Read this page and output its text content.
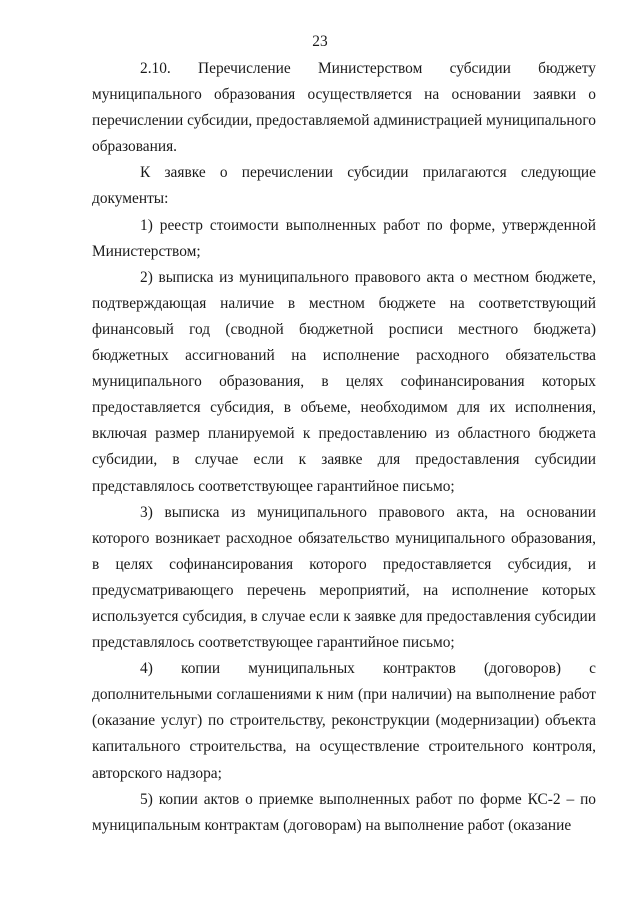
23

2.10. Перечисление Министерством субсидии бюджету муниципального образования осуществляется на основании заявки о перечислении субсидии, предоставляемой администрацией муниципального образования.

К заявке о перечислении субсидии прилагаются следующие документы:

1) реестр стоимости выполненных работ по форме, утвержденной Министерством;

2) выписка из муниципального правового акта о местном бюджете, подтверждающая наличие в местном бюджете на соответствующий финансовый год (сводной бюджетной росписи местного бюджета) бюджетных ассигнований на исполнение расходного обязательства муниципального образования, в целях софинансирования которых предоставляется субсидия, в объеме, необходимом для их исполнения, включая размер планируемой к предоставлению из областного бюджета субсидии, в случае если к заявке для предоставления субсидии представлялось соответствующее гарантийное письмо;

3) выписка из муниципального правового акта, на основании которого возникает расходное обязательство муниципального образования, в целях софинансирования которого предоставляется субсидия, и предусматривающего перечень мероприятий, на исполнение которых используется субсидия, в случае если к заявке для предоставления субсидии представлялось соответствующее гарантийное письмо;

4) копии муниципальных контрактов (договоров) с дополнительными соглашениями к ним (при наличии) на выполнение работ (оказание услуг) по строительству, реконструкции (модернизации) объекта капитального строительства, на осуществление строительного контроля, авторского надзора;

5) копии актов о приемке выполненных работ по форме КС-2 – по муниципальным контрактам (договорам) на выполнение работ (оказание
